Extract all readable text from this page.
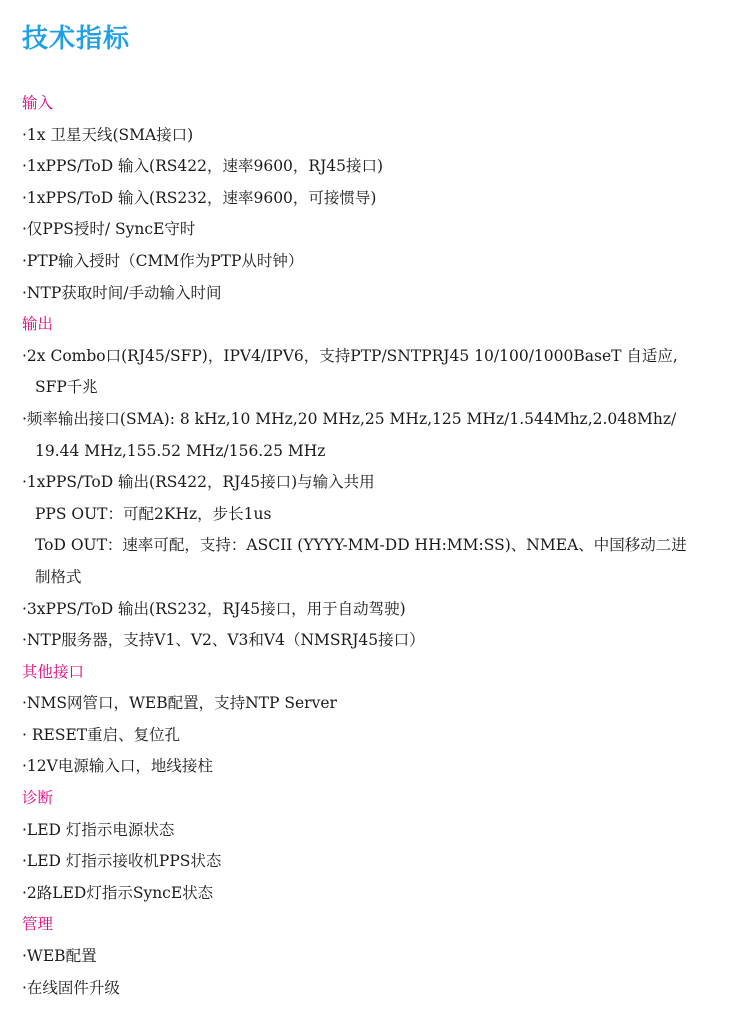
技术指标
输入
·1x 卫星天线(SMA接口)
·1xPPS/ToD 输入(RS422，速率9600，RJ45接口)
·1xPPS/ToD 输入(RS232，速率9600，可接惯导)
·仅PPS授时/ SyncE守时
·PTP输入授时（CMM作为PTP从时钟）
·NTP获取时间/手动输入时间
输出
·2x Combo口(RJ45/SFP)，IPV4/IPV6，支持PTP/SNTPRJ45 10/100/1000BaseT 自适应,
SFP千兆
·频率输出接口(SMA): 8 kHz,10 MHz,20 MHz,25 MHz,125 MHz/1.544Mhz,2.048Mhz/
19.44 MHz,155.52 MHz/156.25 MHz
·1xPPS/ToD 输出(RS422，RJ45接口)与输入共用
PPS OUT：可配2KHz，步长1us
ToD OUT：速率可配，支持：ASCII (YYYY-MM-DD HH:MM:SS)、NMEA、中国移动二进
制格式
·3xPPS/ToD 输出(RS232，RJ45接口，用于自动驾驶)
·NTP服务器，支持V1、V2、V3和V4（NMSRJ45接口）
其他接口
·NMS网管口，WEB配置，支持NTP Server
· RESET重启、复位孔
·12V电源输入口，地线接柱
诊断
·LED 灯指示电源状态
·LED 灯指示接收机PPS状态
·2路LED灯指示SyncE状态
管理
·WEB配置
·在线固件升级
